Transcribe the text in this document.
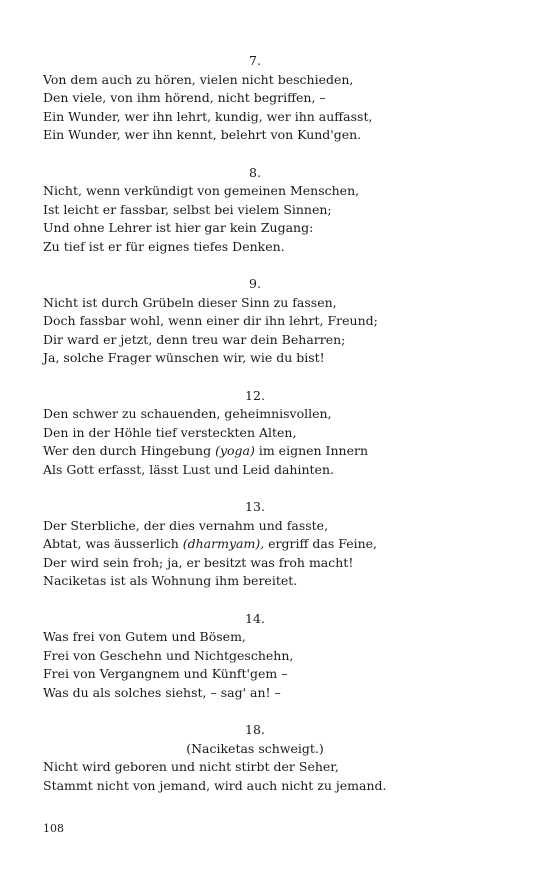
7.
Von dem auch zu hören, vielen nicht beschieden,
Den viele, von ihm hörend, nicht begriffen, –
Ein Wunder, wer ihn lehrt, kundig, wer ihn auffasst,
Ein Wunder, wer ihn kennt, belehrt von Kund'gen.
8.
Nicht, wenn verkündigt von gemeinen Menschen,
Ist leicht er fassbar, selbst bei vielem Sinnen;
Und ohne Lehrer ist hier gar kein Zugang:
Zu tief ist er für eignes tiefes Denken.
9.
Nicht ist durch Grübeln dieser Sinn zu fassen,
Doch fassbar wohl, wenn einer dir ihn lehrt, Freund;
Dir ward er jetzt, denn treu war dein Beharren;
Ja, solche Frager wünschen wir, wie du bist!
12.
Den schwer zu schauenden, geheimnisvollen,
Den in der Höhle tief versteckten Alten,
Wer den durch Hingebung (yoga) im eignen Innern
Als Gott erfasst, lässt Lust und Leid dahinten.
13.
Der Sterbliche, der dies vernahm und fasste,
Abtat, was äusserlich (dharmyam), ergriff das Feine,
Der wird sein froh; ja, er besitzt was froh macht!
Naciketas ist als Wohnung ihm bereitet.
14.
Was frei von Gutem und Bösem,
Frei von Geschehn und Nichtgeschehn,
Frei von Vergangnem und Künft'gem –
Was du als solches siehst, – sag' an! –
18.
(Naciketas schweigt.)
Nicht wird geboren und nicht stirbt der Seher,
Stammt nicht von jemand, wird auch nicht zu jemand.
108
